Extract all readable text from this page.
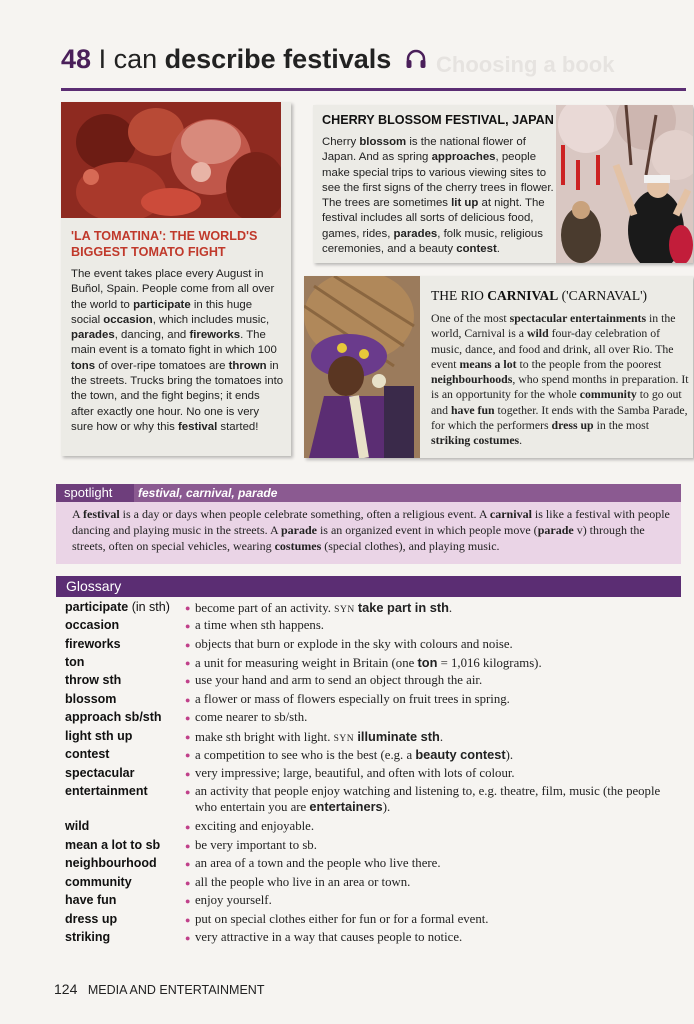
Choosing a book
48 I can describe festivals
'LA TOMATINA': THE WORLD'S BIGGEST TOMATO FIGHT
The event takes place every August in Buñol, Spain. People come from all over the world to participate in this huge social occasion, which includes music, parades, dancing, and fireworks. The main event is a tomato fight in which 100 tons of over-ripe tomatoes are thrown in the streets. Trucks bring the tomatoes into the town, and the fight begins; it ends after exactly one hour. No one is very sure how or why this festival started!
CHERRY BLOSSOM FESTIVAL, JAPAN
Cherry blossom is the national flower of Japan. And as spring approaches, people make special trips to various viewing sites to see the first signs of the cherry trees in flower. The trees are sometimes lit up at night. The festival includes all sorts of delicious food, games, rides, parades, folk music, religious ceremonies, and a beauty contest.
THE RIO CARNIVAL ('CARNAVAL')
One of the most spectacular entertainments in the world, Carnival is a wild four-day celebration of music, dance, and food and drink, all over Rio. The event means a lot to the people from the poorest neighbourhoods, who spend months in preparation. It is an opportunity for the whole community to go out and have fun together. It ends with the Samba Parade, for which the performers dress up in the most striking costumes.
spotlight	festival, carnival, parade
A festival is a day or days when people celebrate something, often a religious event. A carnival is like a festival with people dancing and playing music in the streets. A parade is an organized event in which people move (parade v) through the streets, often on special vehicles, wearing costumes (special clothes), and playing music.
Glossary
participate (in sth) ● become part of an activity. SYN take part in sth.
occasion	● a time when sth happens.
fireworks	● objects that burn or explode in the sky with colours and noise.
ton	● a unit for measuring weight in Britain (one ton = 1,016 kilograms).
throw sth	● use your hand and arm to send an object through the air.
blossom	● a flower or mass of flowers especially on fruit trees in spring.
approach sb/sth	● come nearer to sb/sth.
light sth up	● make sth bright with light. SYN illuminate sth.
contest	● a competition to see who is the best (e.g. a beauty contest).
spectacular	● very impressive; large, beautiful, and often with lots of colour.
entertainment	● an activity that people enjoy watching and listening to, e.g. theatre, film, music (the people who entertain you are entertainers).
wild	● exciting and enjoyable.
mean a lot to sb	● be very important to sb.
neighbourhood	● an area of a town and the people who live there.
community	● all the people who live in an area or town.
have fun	● enjoy yourself.
dress up	● put on special clothes either for fun or for a formal event.
striking	● very attractive in a way that causes people to notice.
124 MEDIA AND ENTERTAINMENT
